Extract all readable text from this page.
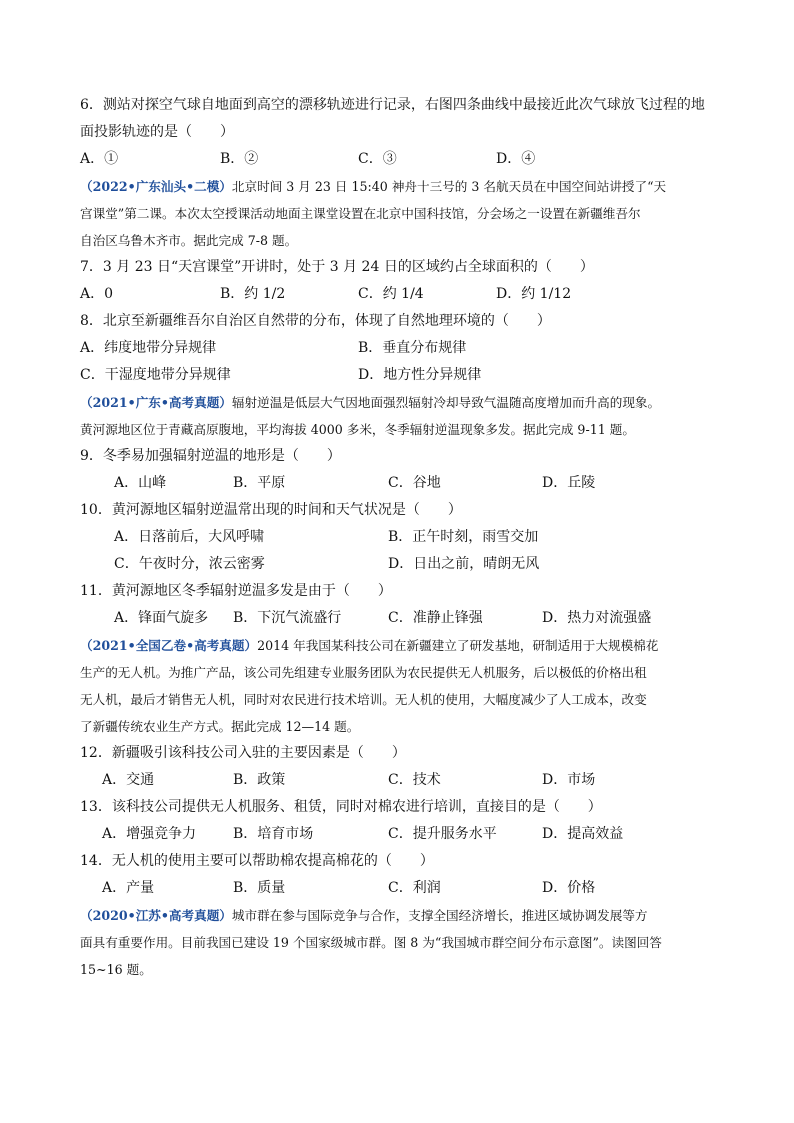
6．测站对探空气球自地面到高空的漂移轨迹进行记录，右图四条曲线中最接近此次气球放飞过程的地
面投影轨迹的是（　　）
A．①	B．②	C．③	D．④
（2022•广东汕头•二模）北京时间 3 月 23 日 15:40 神舟十三号的 3 名航天员在中国空间站讲授了“天
宫课堂”第二课。本次太空授课活动地面主课堂设置在北京中国科技馆，分会场之一设置在新疆维吾尔
自治区乌鲁木齐市。据此完成 7-8 题。
7．3 月 23 日“天宫课堂”开讲时，处于 3 月 24 日的区域约占全球面积的（　　）
A．0	B．约 1/2	C．约 1/4	D．约 1/12
8．北京至新疆维吾尔自治区自然带的分布，体现了自然地理环境的（　　）
A．纬度地带分异规律	B．垂直分布规律
C．干湿度地带分异规律	D．地方性分异规律
（2021•广东•高考真题）辐射逆温是低层大气因地面强烈辐射冷却导致气温随高度增加而升高的现象。
黄河源地区位于青藏高原腹地，平均海拔 4000 多米，冬季辐射逆温现象多发。据此完成 9-11 题。
9．冬季易加强辐射逆温的地形是（　　）
A．山峰	B．平原	C．谷地	D．丘陵
10．黄河源地区辐射逆温常出现的时间和天气状况是（　　）
A．日落前后，大风呼啸	B．正午时刻，雨雪交加
C．午夜时分，浓云密雾	D．日出之前，晴朗无风
11．黄河源地区冬季辐射逆温多发是由于（　　）
A．锋面气旋多 B．下沉气流盛行	C．准静止锋强	D．热力对流强盛
（2021•全国乙卷•高考真题）2014 年我国某科技公司在新疆建立了研发基地，研制适用于大规模棉花
生产的无人机。为推广产品，该公司先组建专业服务团队为农民提供无人机服务，后以极低的价格出租
无人机，最后才销售无人机，同时对农民进行技术培训。无人机的使用，大幅度减少了人工成本，改变
了新疆传统农业生产方式。据此完成 12—14 题。
12．新疆吸引该科技公司入驻的主要因素是（　　）
A．交通	B．政策	C．技术	D．市场
13．该科技公司提供无人机服务、租赁，同时对棉农进行培训，直接目的是（　　）
A．增强竞争力	B．培育市场	C．提升服务水平	D．提高效益
14．无人机的使用主要可以帮助棉农提高棉花的（　　）
A．产量	B．质量	C．利润	D．价格
（2020•江苏•高考真题）城市群在参与国际竞争与合作，支撑全国经济增长，推进区域协调发展等方
面具有重要作用。目前我国已建设 19 个国家级城市群。图 8 为“我国城市群空间分布示意图”。读图回答
15~16 题。
